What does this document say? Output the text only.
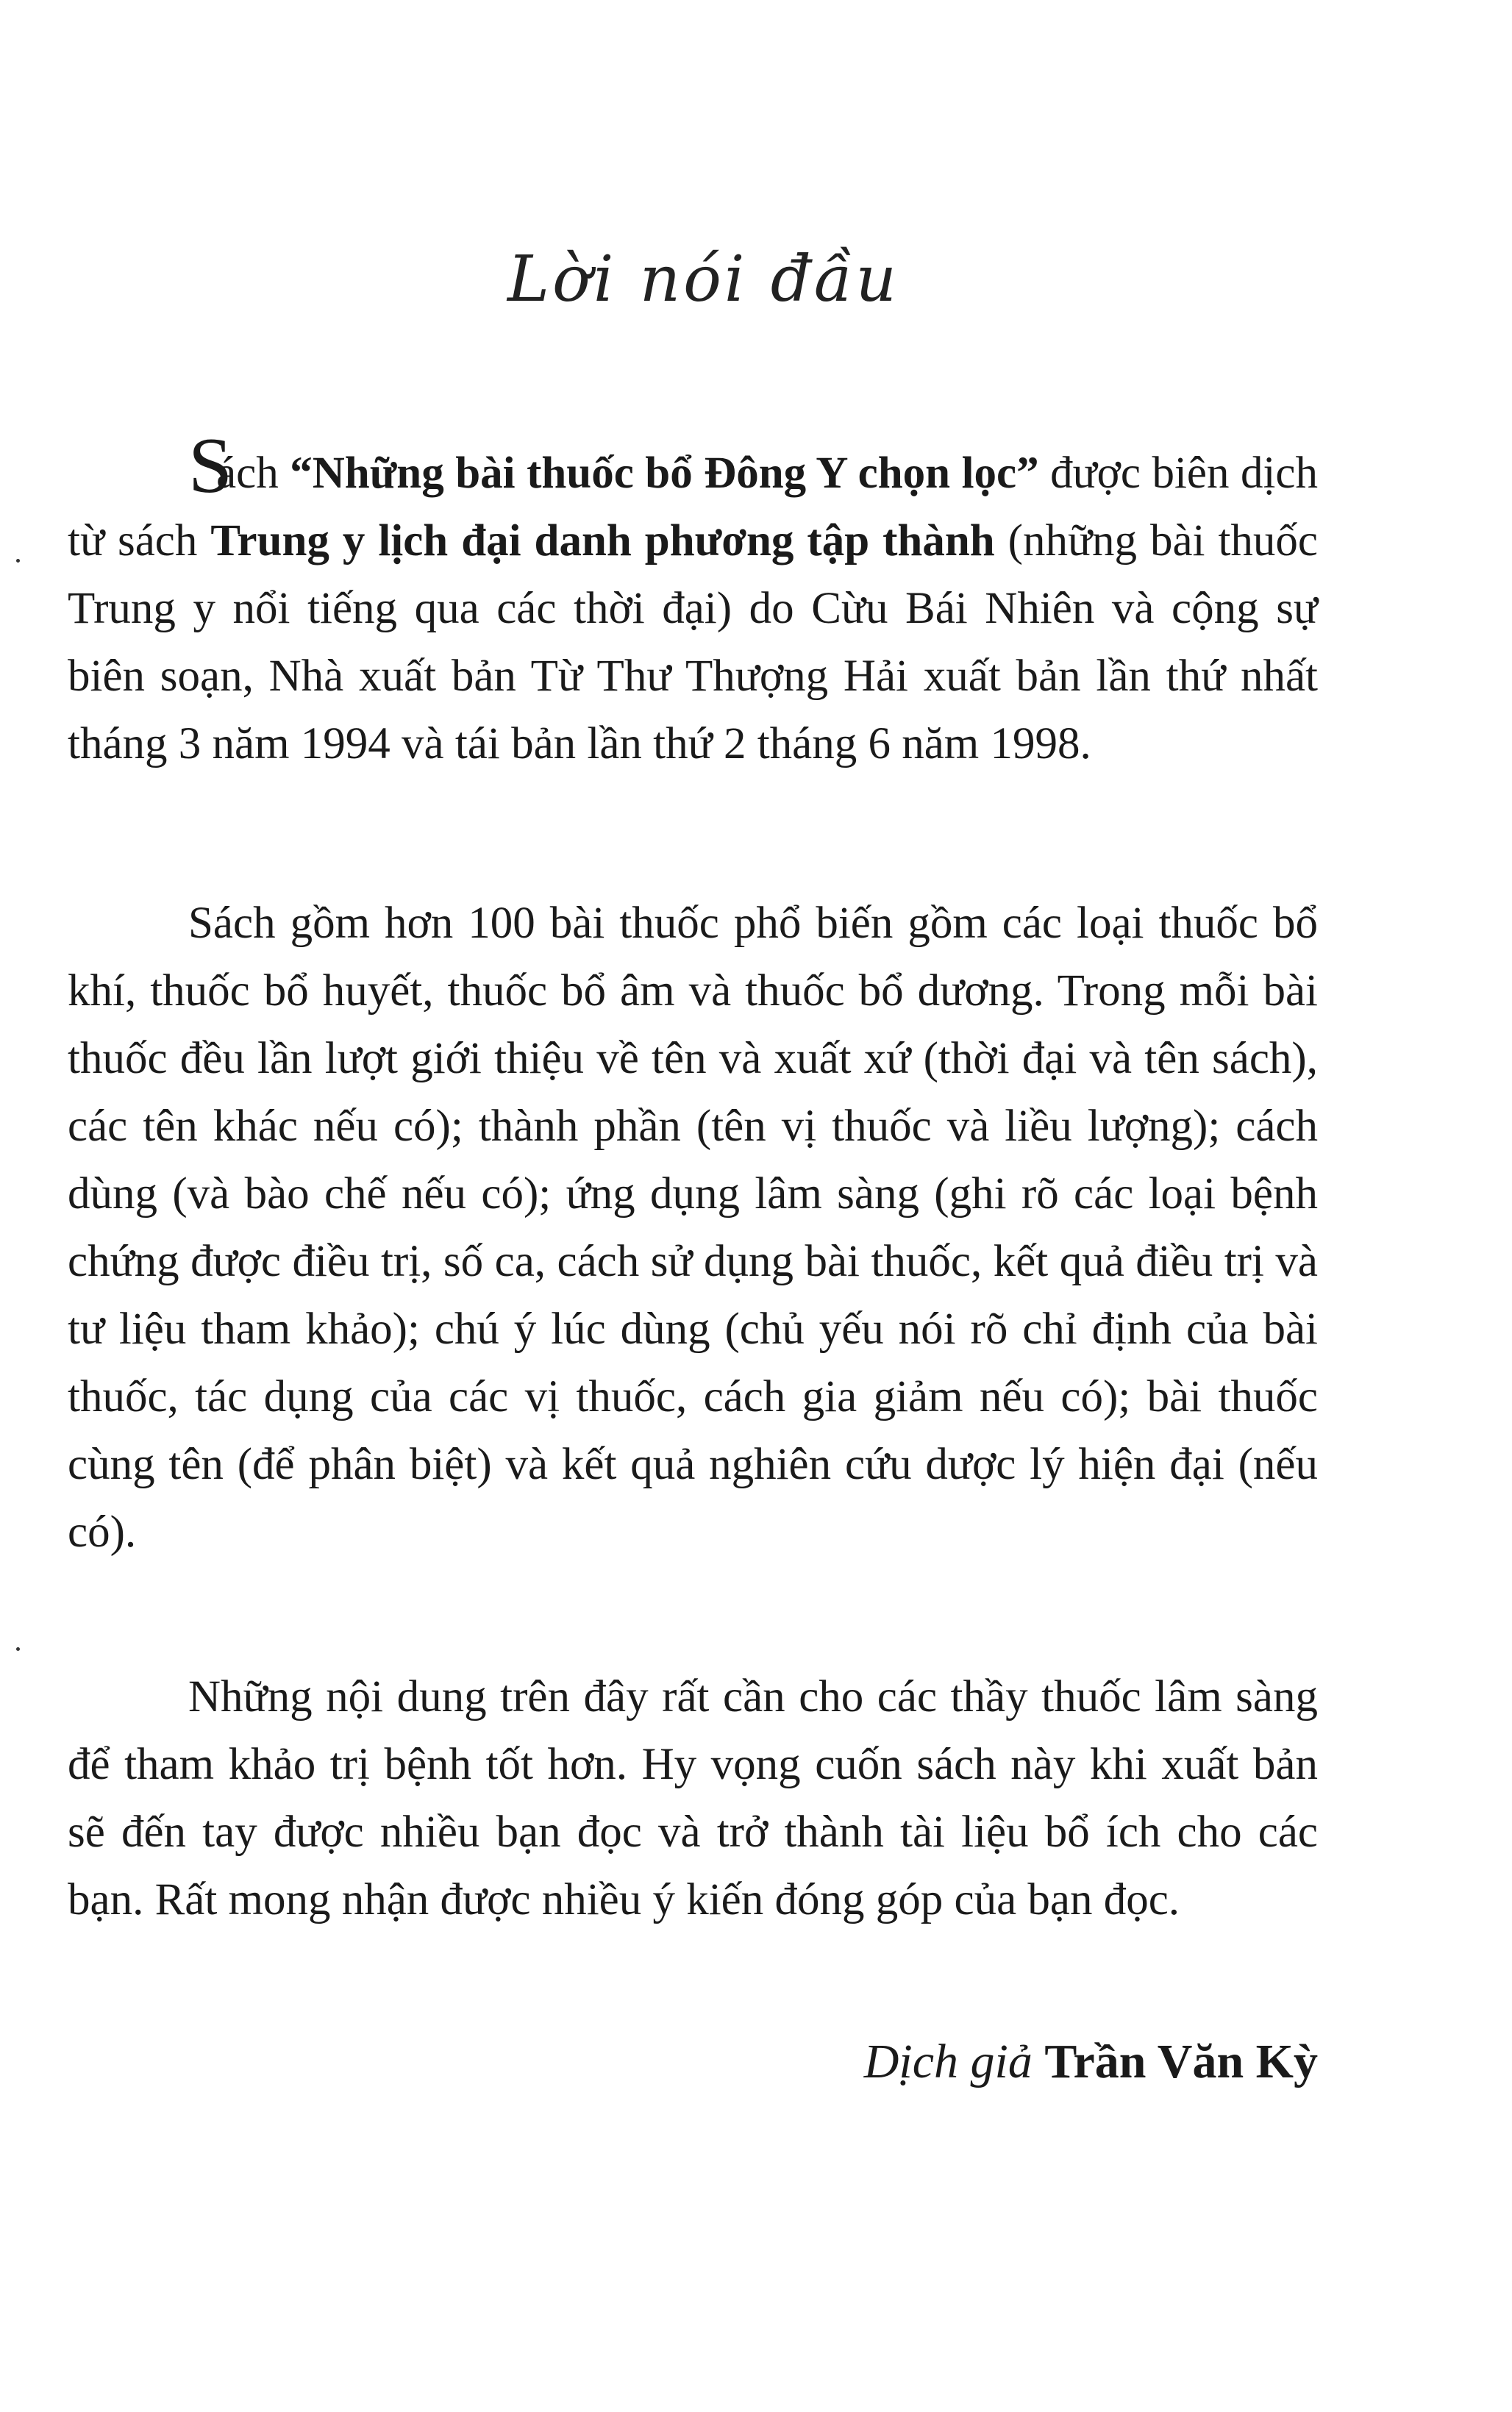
Lời nói đầu

Sách “Những bài thuốc bổ Đông Y chọn lọc” được biên dịch từ sách Trung y lịch đại danh phương tập thành (những bài thuốc Trung y nổi tiếng qua các thời đại) do Cừu Bái Nhiên và cộng sự biên soạn, Nhà xuất bản Từ Thư Thượng Hải xuất bản lần thứ nhất tháng 3 năm 1994 và tái bản lần thứ 2 tháng 6 năm 1998.

Sách gồm hơn 100 bài thuốc phổ biến gồm các loại thuốc bổ khí, thuốc bổ huyết, thuốc bổ âm và thuốc bổ dương. Trong mỗi bài thuốc đều lần lượt giới thiệu về tên và xuất xứ (thời đại và tên sách), các tên khác nếu có); thành phần (tên vị thuốc và liều lượng); cách dùng (và bào chế nếu có); ứng dụng lâm sàng (ghi rõ các loại bệnh chứng được điều trị, số ca, cách sử dụng bài thuốc, kết quả điều trị và tư liệu tham khảo); chú ý lúc dùng (chủ yếu nói rõ chỉ định của bài thuốc, tác dụng của các vị thuốc, cách gia giảm nếu có); bài thuốc cùng tên (để phân biệt) và kết quả nghiên cứu dược lý hiện đại (nếu có).

Những nội dung trên đây rất cần cho các thầy thuốc lâm sàng để tham khảo trị bệnh tốt hơn. Hy vọng cuốn sách này khi xuất bản sẽ đến tay được nhiều bạn đọc và trở thành tài liệu bổ ích cho các bạn. Rất mong nhận được nhiều ý kiến đóng góp của bạn đọc.

Dịch giả Trần Văn Kỳ
